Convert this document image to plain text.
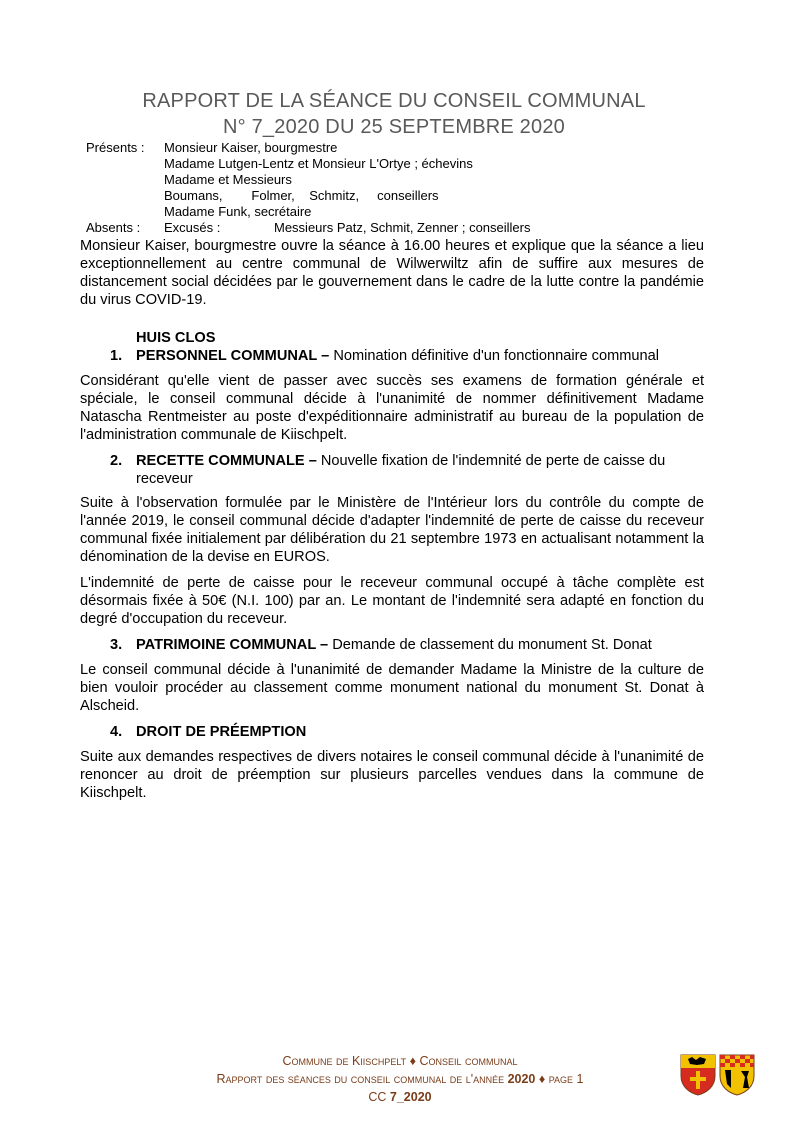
RAPPORT DE LA SÉANCE DU CONSEIL COMMUNAL
N° 7_2020 DU 25 SEPTEMBRE 2020
Présents : Monsieur Kaiser, bourgmestre
Madame Lutgen-Lentz et Monsieur L'Ortye ; échevins
Madame et Messieurs
Boumans,        Folmer,    Schmitz,     conseillers
Madame Funk, secrétaire
Absents : Excusés :	Messieurs Patz, Schmit, Zenner ; conseillers
Monsieur Kaiser, bourgmestre ouvre la séance à 16.00 heures et explique que la séance a lieu exceptionnellement au centre communal de Wilwerwiltz afin de suffire aux mesures de distancement social décidées par le gouvernement dans le cadre de la lutte contre la pandémie du virus COVID-19.
HUIS CLOS
1. PERSONNEL COMMUNAL – Nomination définitive d'un fonctionnaire communal
Considérant qu'elle vient de passer avec succès ses examens de formation générale et spéciale, le conseil communal décide à l'unanimité de nommer définitivement Madame Natascha Rentmeister au poste d'expéditionnaire administratif au bureau de la population de l'administration communale de Kiischpelt.
2. RECETTE COMMUNALE – Nouvelle fixation de l'indemnité de perte de caisse du receveur
Suite à l'observation formulée par le Ministère de l'Intérieur lors du contrôle du compte de l'année 2019, le conseil communal décide d'adapter l'indemnité de perte de caisse du receveur communal fixée initialement par délibération du 21 septembre 1973 en actualisant notamment la dénomination de la devise en EUROS.
L'indemnité de perte de caisse pour le receveur communal occupé à tâche complète est désormais fixée à 50€ (N.I. 100) par an. Le montant de l'indemnité sera adapté en fonction du degré d'occupation du receveur.
3. PATRIMOINE COMMUNAL – Demande de classement du monument St. Donat
Le conseil communal décide à l'unanimité de demander Madame la Ministre de la culture de bien vouloir procéder au classement comme monument national du monument St. Donat à Alscheid.
4. DROIT DE PRÉEMPTION
Suite aux demandes respectives de divers notaires le conseil communal décide à l'unanimité de renoncer au droit de préemption sur plusieurs parcelles vendues dans la commune de Kiischpelt.
Commune de Kiischpelt ♦ Conseil communal
Rapport des séances du conseil communal de l'année 2020 ♦ page 1
CC 7_2020
